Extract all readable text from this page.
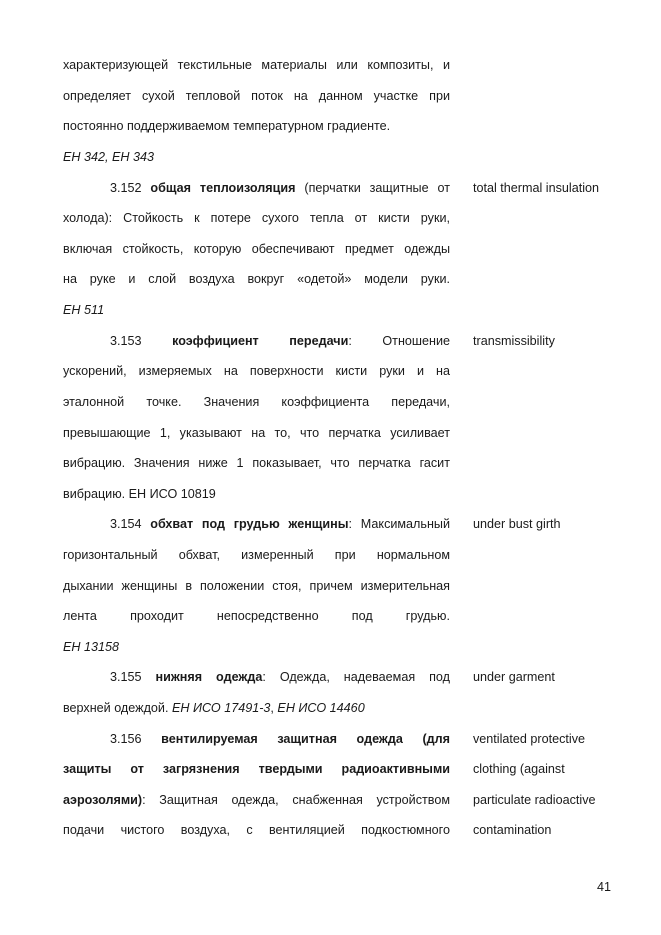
характеризующей текстильные материалы или композиты, и
определяет сухой тепловой поток на данном участке при
постоянно поддерживаемом температурном градиенте.
ЕН 342, ЕН 343
3.152 общая теплоизоляция (перчатки защитные от total thermal insulation
холода): Стойкость к потере сухого тепла от кисти руки,
включая стойкость, которую обеспечивают предмет одежды
на руке и слой воздуха вокруг «одетой» модели руки.
ЕН 511
3.153 коэффициент передачи: Отношение transmissibility
ускорений, измеряемых на поверхности кисти руки и на
эталонной точке. Значения коэффициента передачи,
превышающие 1, указывают на то, что перчатка усиливает
вибрацию. Значения ниже 1 показывает, что перчатка гасит
вибрацию. ЕН ИСО 10819
3.154 обхват под грудью женщины: Максимальный under bust girth
горизонтальный обхват, измеренный при нормальном
дыхании женщины в положении стоя, причем измерительная
лента проходит непосредственно под грудью.
ЕН 13158
3.155 нижняя одежда: Одежда, надеваемая под under garment
верхней одеждой. ЕН ИСО 17491-3, ЕН ИСО 14460
3.156 вентилируемая защитная одежда (для ventilated protective
защиты от загрязнения твердыми радиоактивными clothing (against
аэрозолями): Защитная одежда, снабженная устройством particulate radioactive
подачи чистого воздуха, с вентиляцией подкостюмного contamination
41
